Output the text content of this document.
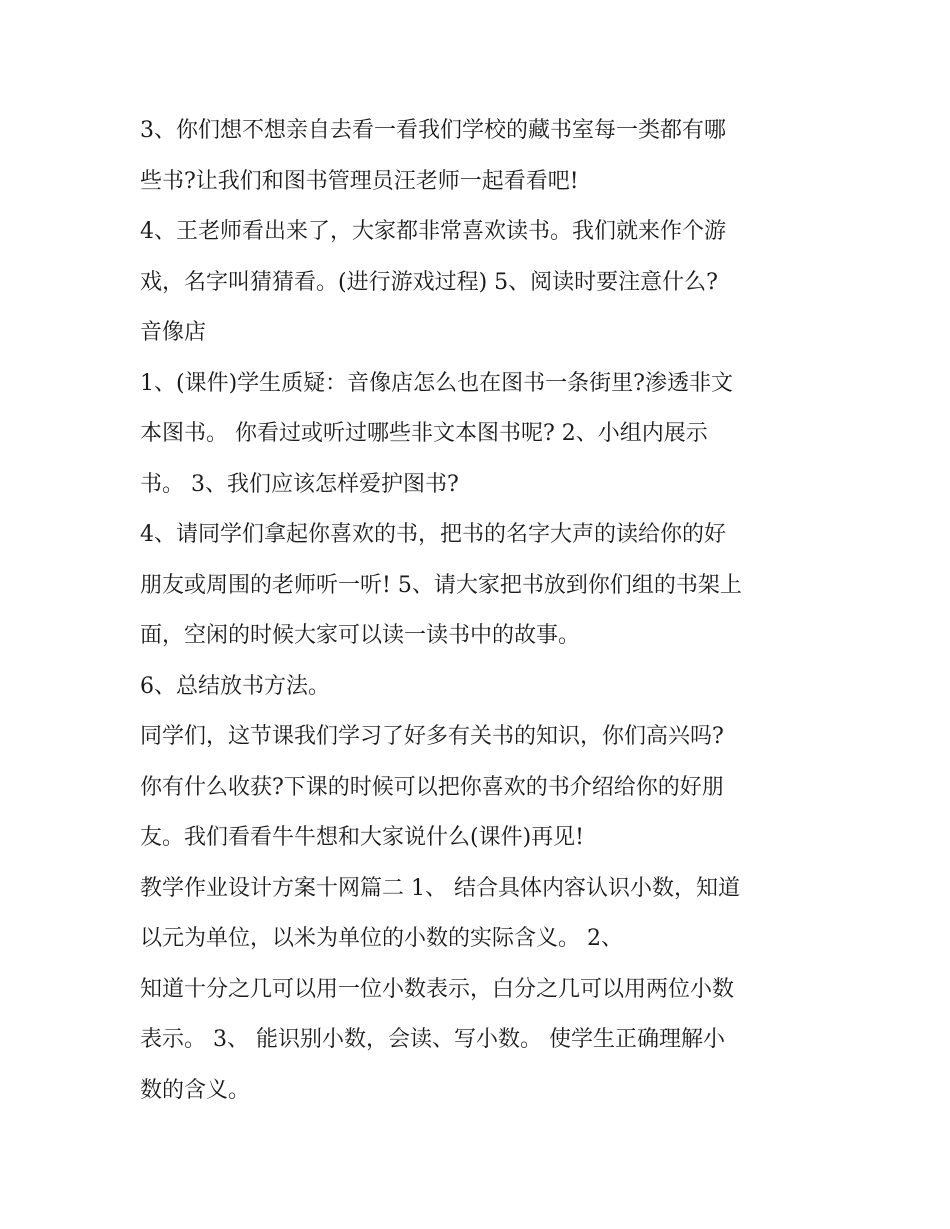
3、你们想不想亲自去看一看我们学校的藏书室每一类都有哪
些书?让我们和图书管理员汪老师一起看看吧!
4、王老师看出来了，大家都非常喜欢读书。我们就来作个游
戏，名字叫猜猜看。(进行游戏过程) 5、阅读时要注意什么?
音像店
1、(课件)学生质疑：音像店怎么也在图书一条街里?渗透非文
本图书。 你看过或听过哪些非文本图书呢? 2、小组内展示
书。 3、我们应该怎样爱护图书?
4、请同学们拿起你喜欢的书，把书的名字大声的读给你的好
朋友或周围的老师听一听! 5、请大家把书放到你们组的书架上
面，空闲的时候大家可以读一读书中的故事。
6、总结放书方法。
同学们，这节课我们学习了好多有关书的知识，你们高兴吗?
你有什么收获?下课的时候可以把你喜欢的书介绍给你的好朋
友。我们看看牛牛想和大家说什么(课件)再见!
教学作业设计方案十网篇二 1、 结合具体内容认识小数，知道
以元为单位，以米为单位的小数的实际含义。 2、
知道十分之几可以用一位小数表示，白分之几可以用两位小数
表示。 3、 能识别小数，会读、写小数。 使学生正确理解小
数的含义。
